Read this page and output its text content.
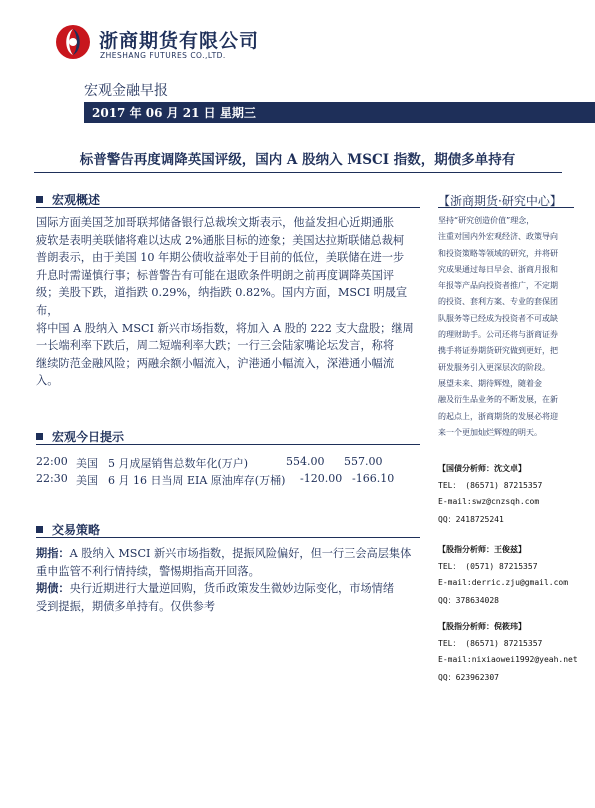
浙商期货有限公司
ZHESHANG FUTURES CO.,LTD.
宏观金融早报
2017 年 06 月 21 日 星期三
标普警告再度调降英国评级，国内 A 股纳入 MSCI 指数，期债多单持有
宏观概述
国际方面美国芝加哥联邦储备银行总裁埃文斯表示，他益发担心近期通胀
疲软是表明美联储将难以达成 2%通胀目标的迹象；美国达拉斯联储总裁柯
普朗表示，由于美国 10 年期公债收益率处于目前的低位，美联储在进一步
升息时需谨慎行事；标普警告有可能在退欧条件明朗之前再度调降英国评
级；美股下跌，道指跌 0.29%，纳指跌 0.82%。国内方面，MSCI 明晟宣布，
将中国 A 股纳入 MSCI 新兴市场指数，将加入 A 股的 222 支大盘股；继周
一长端利率下跌后，周二短端利率大跌；一行三会陆家嘴论坛发言，称将
继续防范金融风险；两融余额小幅流入，沪港通小幅流入，深港通小幅流
入。
宏观今日提示
22:00 美国 5 月成屋销售总数年化(万户)	554.00 557.00
22:30 美国 6 月 16 日当周 EIA 原油库存(万桶) -120.00 -166.10
交易策略
期指：A 股纳入 MSCI 新兴市场指数，提振风险偏好，但一行三会高层集体
重申监管不利行情持续，警惕期指高开回落。
期债：央行近期进行大量逆回购，货币政策发生微妙边际变化，市场情绪
受到提振，期债多单持有。仅供参考
【浙商期货·研究中心】
坚持“研究创造价值”理念，
注重对国内外宏观经济、政策导向
和投资策略等领域的研究，并将研
究成果通过每日早会、浙商月报和
年报等产品向投资者推广，不定期
的投资、套利方案、专业的套保团
队服务等已经成为投资者不可或缺
的理财助手。公司还将与浙商证券
携手将证券期货研究做到更好，把
研发服务引入更深层次的阶段。
展望未来、期待辉煌，随着金
融及衍生品业务的不断发展，在新
的起点上，浙商期货的发展必将迎
来一个更加灿烂辉煌的明天。
【国债分析师：沈文卓】
TEL： (86571) 87215357
E-mail:swz@cnzsqh.com
QQ：2418725241
【股指分析师：王俊兹】
TEL： (0571) 87215357
E-mail:derric.zju@gmail.com
QQ：378634028
【股指分析师：倪筱玮】
TEL： (86571) 87215357
E-mail:nixiaowei1992@yeah.net
QQ：623962307
